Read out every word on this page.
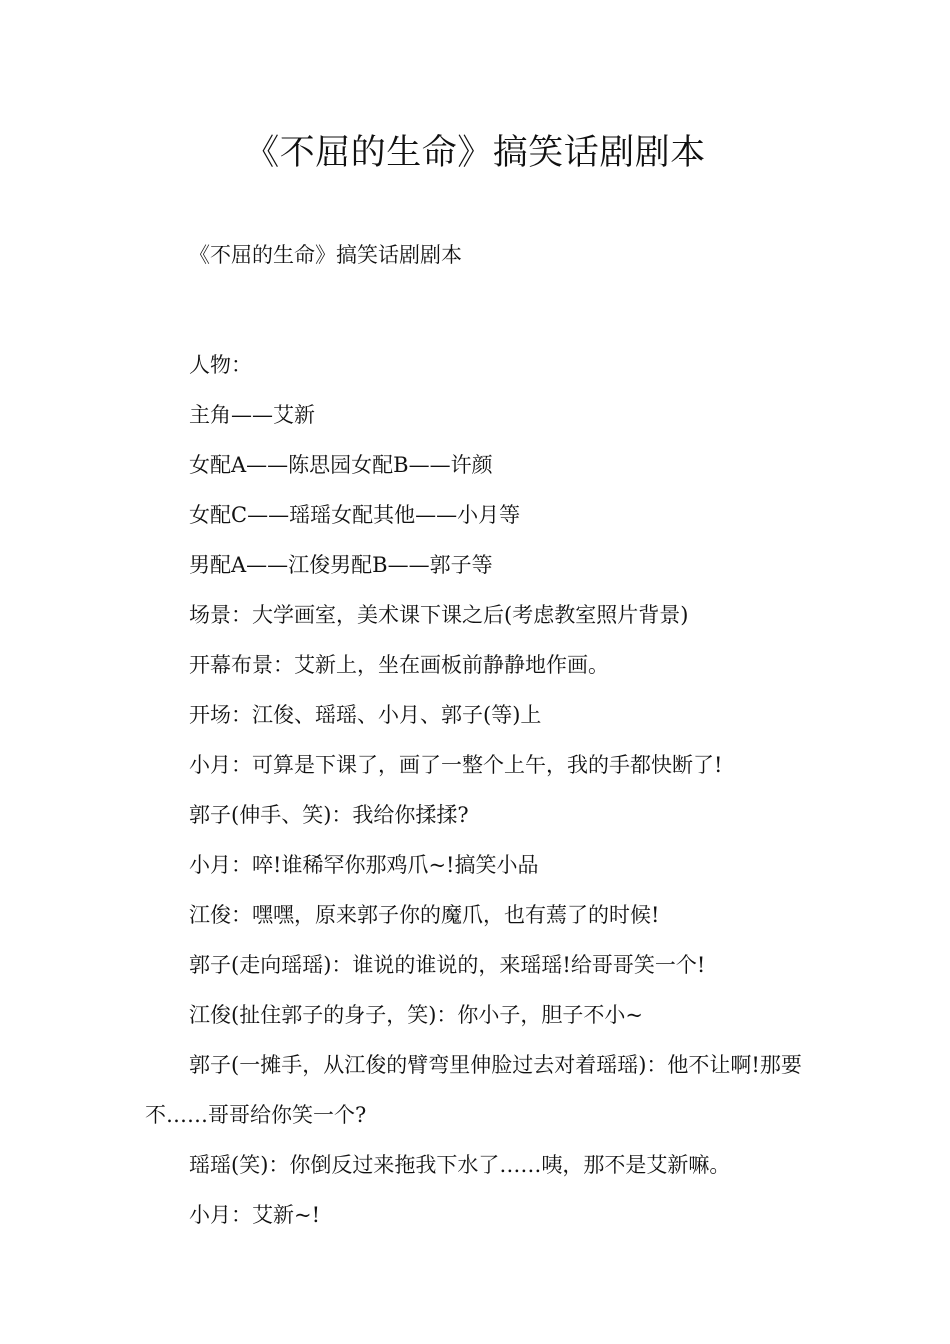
《不屈的生命》搞笑话剧剧本

《不屈的生命》搞笑话剧剧本

人物：

主角——艾新

女配A——陈思园女配B——许颜

女配C——瑶瑶女配其他——小月等

男配A——江俊男配B——郭子等

场景：大学画室，美术课下课之后(考虑教室照片背景)

开幕布景：艾新上，坐在画板前静静地作画。

开场：江俊、瑶瑶、小月、郭子(等)上

小月：可算是下课了，画了一整个上午，我的手都快断了!

郭子(伸手、笑)：我给你揉揉?

小月：啐!谁稀罕你那鸡爪~!搞笑小品

江俊：嘿嘿，原来郭子你的魔爪，也有蔫了的时候!

郭子(走向瑶瑶)：谁说的谁说的，来瑶瑶!给哥哥笑一个!

江俊(扯住郭子的身子，笑)：你小子，胆子不小~

郭子(一摊手，从江俊的臂弯里伸脸过去对着瑶瑶)：他不让啊!那要不……哥哥给你笑一个?

瑶瑶(笑)：你倒反过来拖我下水了……咦，那不是艾新嘛。

小月：艾新~!
